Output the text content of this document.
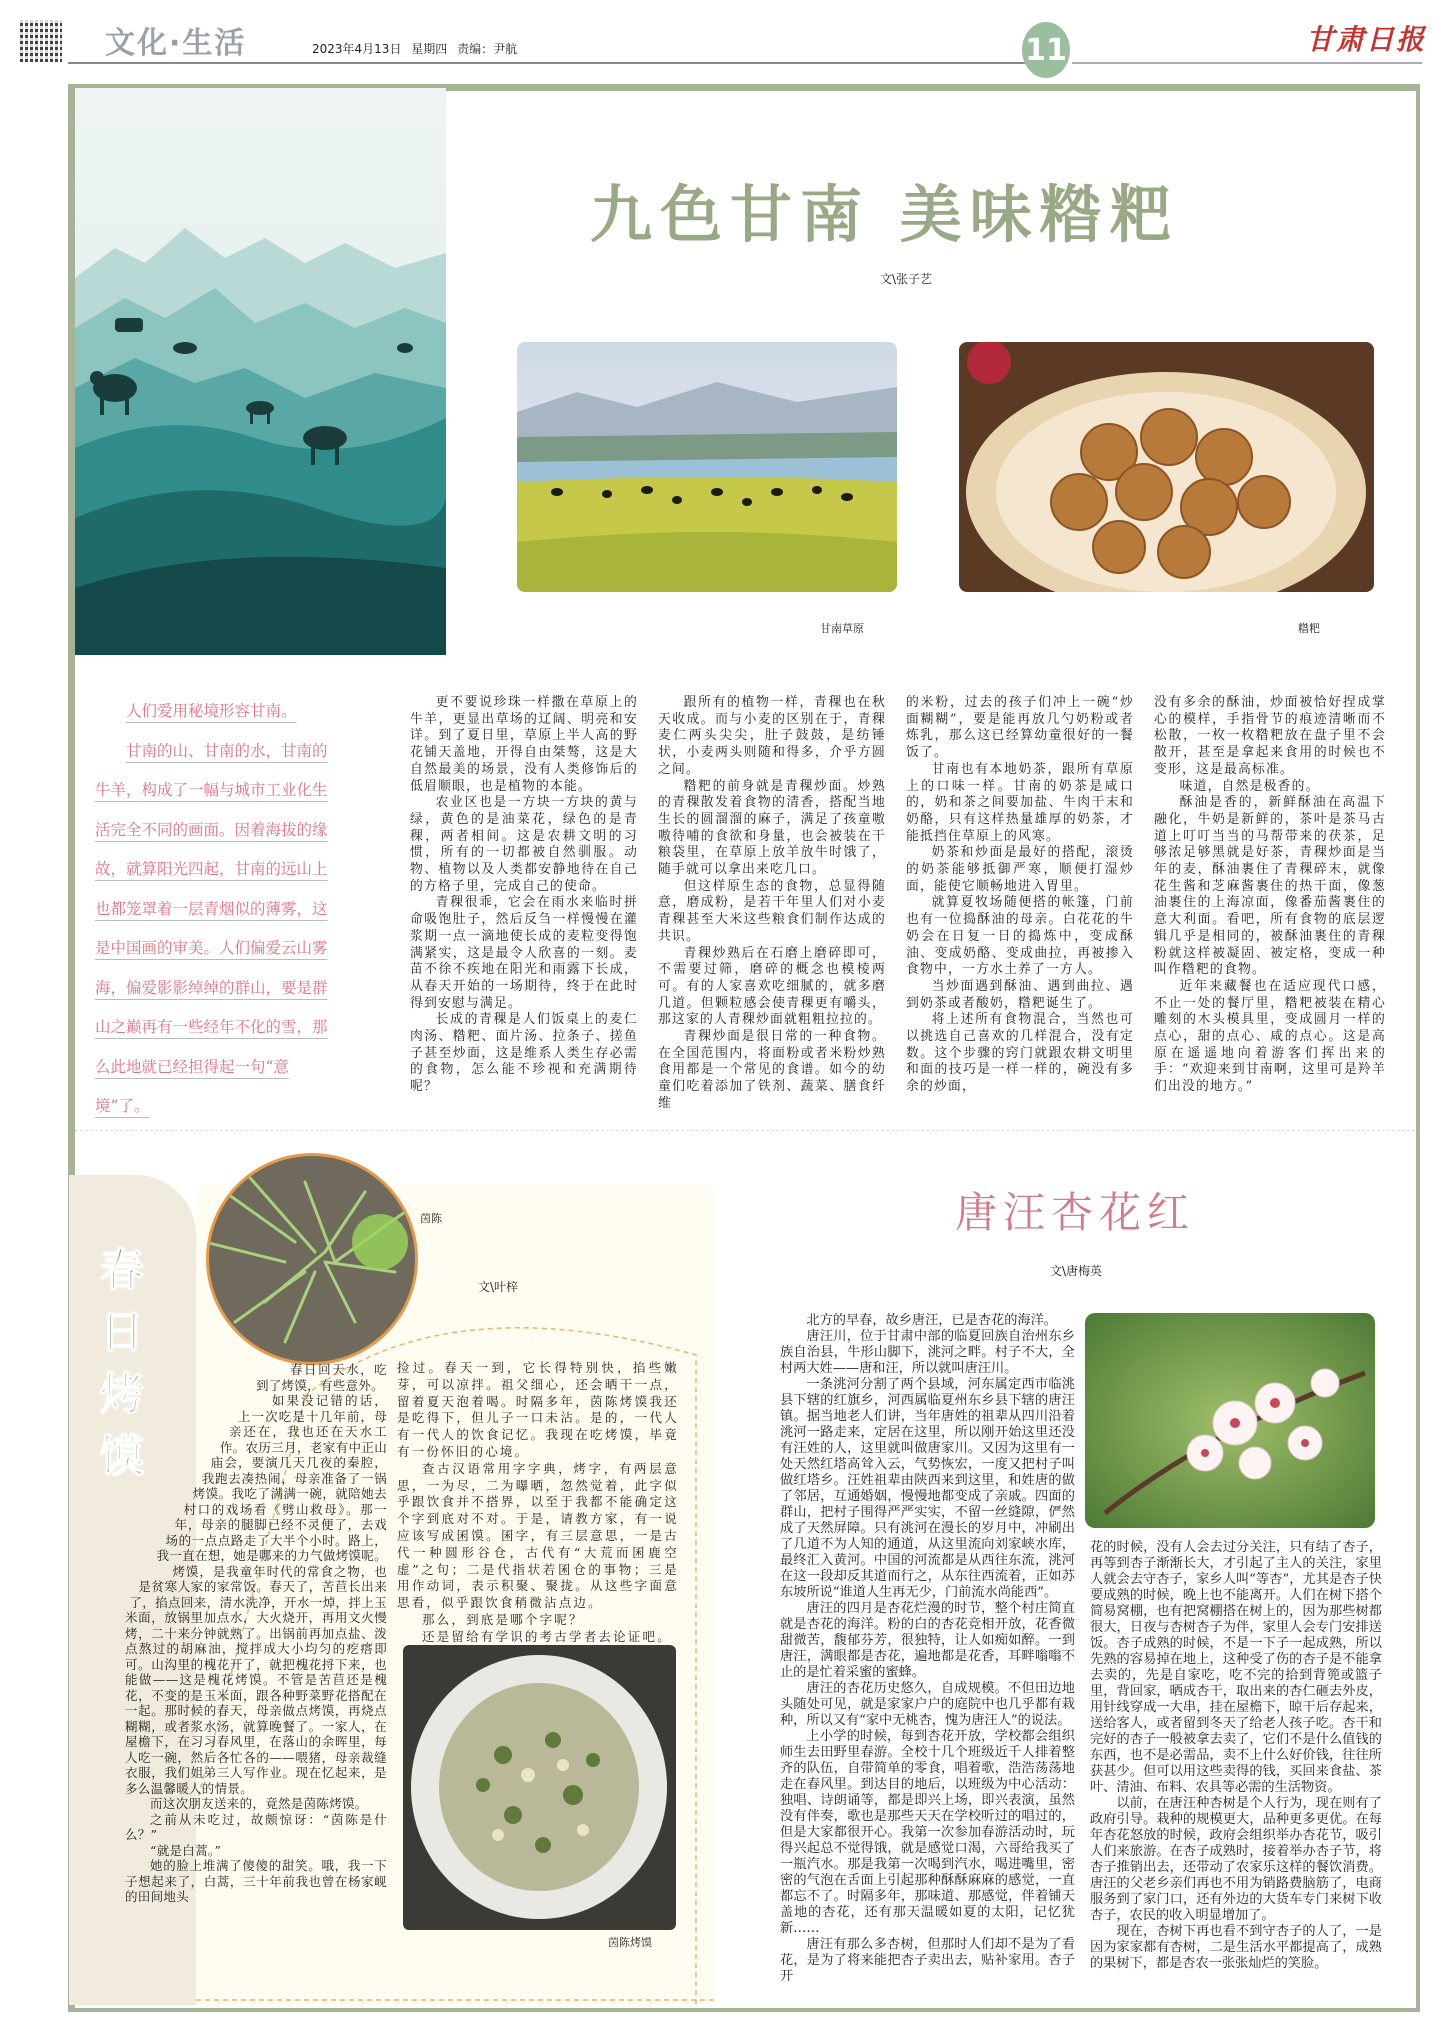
文化·生活	2023年4月13日 星期四 责编：尹航	11	甘肃日报
九色甘南 美味糌粑
文\张子艺
甘南草原	糌粑

人们爱用秘境形容甘南。

甘南的山、甘南的水，甘南的牛羊，构成了一幅与城市工业化生活完全不同的画面。因着海拔的缘故，就算阳光四起，甘南的远山上也都笼罩着一层青烟似的薄雾，这是中国画的审美。人们偏爱云山雾海，偏爱影影绰绰的群山，要是群山之巅再有一些经年不化的雪，那么此地就已经担得起一句“意境”了。

更不要说珍珠一样撒在草原上的牛羊，更显出草场的辽阔、明亮和安详。到了夏日里，草原上半人高的野花铺天盖地，开得自由桀骜，这是大自然最美的场景，没有人类修饰后的低眉顺眼，也是植物的本能。

农业区也是一方块一方块的黄与绿，黄色的是油菜花，绿色的是青稞，两者相间。这是农耕文明的习惯，所有的一切都被自然驯服。动物、植物以及人类都安静地待在自己的方格子里，完成自己的使命。

青稞很乖，它会在雨水来临时拼命吸饱肚子，然后反刍一样慢慢在灌浆期一点一滴地使长成的麦粒变得饱满紧实，这是最令人欣喜的一刻。麦苗不徐不疾地在阳光和雨露下长成，从春天开始的一场期待，终于在此时得到安慰与满足。

长成的青稞是人们饭桌上的麦仁肉汤、糌粑、面片汤、拉条子、搓鱼子甚至炒面，这是维系人类生存必需的食物，怎么能不珍视和充满期待呢？

跟所有的植物一样，青稞也在秋天收成。而与小麦的区别在于，青稞麦仁两头尖尖，肚子鼓鼓，是纺锤状，小麦两头则随和得多，介乎方圆之间。

糌粑的前身就是青稞炒面。炒熟的青稞散发着食物的清香，搭配当地生长的圆溜溜的麻子，满足了孩童嗷嗷待哺的食欲和身量，也会被装在干粮袋里，在草原上放羊放牛时饿了，随手就可以拿出来吃几口。

但这样原生态的食物，总显得随意，磨成粉，是若干年里人们对小麦青稞甚至大米这些粮食们制作达成的共识。

青稞炒熟后在石磨上磨碎即可，不需要过筛，磨碎的概念也模棱两可。有的人家喜欢吃细腻的，就多磨几道。但颗粒感会使青稞更有嚼头，那这家的人青稞炒面就粗粗拉拉的。

青稞炒面是很日常的一种食物。在全国范围内，将面粉或者米粉炒熟食用都是一个常见的食谱。如今的幼童们吃着添加了铁剂、蔬菜、膳食纤维

的米粉，过去的孩子们冲上一碗“炒面糊糊”，要是能再放几勺奶粉或者炼乳，那么这已经算幼童很好的一餐饭了。

甘南也有本地奶茶，跟所有草原上的口味一样。甘南的奶茶是咸口的，奶和茶之间要加盐、牛肉干末和奶酪，只有这样热量雄厚的奶茶，才能抵挡住草原上的风寒。

奶茶和炒面是最好的搭配，滚烫的奶茶能够抵御严寒，顺便打湿炒面，能使它顺畅地进入胃里。

就算夏牧场随便搭的帐篷，门前也有一位捣酥油的母亲。白花花的牛奶会在日复一日的捣炼中，变成酥油、变成奶酪、变成曲拉，再被掺入食物中，一方水土养了一方人。

当炒面遇到酥油、遇到曲拉、遇到奶茶或者酸奶，糌粑诞生了。

将上述所有食物混合，当然也可以挑选自己喜欢的几样混合，没有定数。这个步骤的窍门就跟农耕文明里和面的技巧是一样一样的，碗没有多余的炒面，

没有多余的酥油，炒面被恰好捏成掌心的模样，手指骨节的痕迹清晰而不松散，一枚一枚糌粑放在盘子里不会散开，甚至是拿起来食用的时候也不变形，这是最高标准。

味道，自然是极香的。

酥油是香的，新鲜酥油在高温下融化，牛奶是新鲜的，茶叶是茶马古道上叮叮当当的马帮带来的茯茶，足够浓足够黑就是好茶，青稞炒面是当年的麦，酥油裹住了青稞碎末，就像花生酱和芝麻酱裹住的热干面，像葱油裹住的上海凉面，像番茄酱裹住的意大利面。看吧，所有食物的底层逻辑几乎是相同的，被酥油裹住的青稞粉就这样被凝固、被定格，变成一种叫作糌粑的食物。

近年来藏餐也在适应现代口感，不止一处的餐厅里，糌粑被装在精心雕刻的木头模具里，变成圆月一样的点心，甜的点心、咸的点心。这是高原在遥遥地向着游客们挥出来的手：“欢迎来到甘南啊，这里可是羚羊们出没的地方。”

春日烤馍
茵陈
文\叶梓

春日回天水，吃到了烤馍，有些意外。

如果没记错的话，上一次吃是十几年前，母亲还在，我也还在天水工作。农历三月，老家有中正山庙会，要演几天几夜的秦腔，我跑去凑热闹，母亲准备了一锅烤馍。我吃了满满一碗，就陪她去村口的戏场看《劈山救母》。那一年，母亲的腿脚已经不灵便了，去戏场的一点点路走了大半个小时。路上，我一直在想，她是哪来的力气做烤馍呢。

烤馍，是我童年时代的常食之物，也是贫寒人家的家常饭。春天了，苦苣长出来了，掐点回来，清水洗净，开水一焯，拌上玉米面，放锅里加点水，大火烧开，再用文火慢烤，二十来分钟就熟了。出锅前再加点盐、泼点熬过的胡麻油，搅拌成大小均匀的疙瘩即可。山沟里的槐花开了，就把槐花捋下来，也能做——这是槐花烤馍。不管是苦苣还是槐花，不变的是玉米面，跟各种野菜野花搭配在一起。那时候的春天，母亲做点烤馍，再烧点糊糊，或者浆水汤，就算晚餐了。一家人，在屋檐下，在习习春风里，在落山的余晖里，每人吃一碗，然后各忙各的——喂猪，母亲裁缝衣服，我们姐弟三人写作业。现在忆起来，是多么温馨暖人的情景。

而这次朋友送来的，竟然是茵陈烤馍。

之前从未吃过，故颇惊讶：“茵陈是什么？”

“就是白蒿。”

她的脸上堆满了傻傻的甜笑。哦，我一下子想起来了，白蒿，三十年前我也曾在杨家岘的田间地头

捡过。春天一到，它长得特别快，掐些嫩芽，可以凉拌。祖父细心，还会晒干一点，留着夏天泡着喝。时隔多年，茵陈烤馍我还是吃得下，但儿子一口未沾。是的，一代人有一代人的饮食记忆。我现在吃烤馍，毕竟有一份怀旧的心境。

查古汉语常用字字典，烤字，有两层意思，一为尽，二为曝晒，忽然觉着，此字似乎跟饮食并不搭界，以至于我都不能确定这个字到底对不对。于是，请教方家，有一说应该写成囷馍。囷字，有三层意思，一是古代一种圆形谷仓，古代有“大荒而囷鹿空虚”之句；二是代指状若囷仓的事物；三是用作动词，表示积聚、聚拢。从这些字面意思看，似乎跟饮食稍微沾点边。

那么，到底是哪个字呢？

还是留给有学识的考古学者去论证吧。

茵陈烤馍
唐汪杏花红
文\唐梅英

北方的早春，故乡唐汪，已是杏花的海洋。

唐汪川，位于甘肃中部的临夏回族自治州东乡族自治县，牛形山脚下，洮河之畔。村子不大，全村两大姓——唐和汪，所以就叫唐汪川。

一条洮河分割了两个县域，河东属定西市临洮县下辖的红旗乡，河西属临夏州东乡县下辖的唐汪镇。据当地老人们讲，当年唐姓的祖辈从四川沿着洮河一路走来，定居在这里，所以刚开始这里还没有汪姓的人，这里就叫做唐家川。又因为这里有一处天然红塔高耸入云，气势恢宏，一度又把村子叫做红塔乡。汪姓祖辈由陕西来到这里，和姓唐的做了邻居，互通婚姻，慢慢地都变成了亲戚。四面的群山，把村子围得严严实实，不留一丝缝隙，俨然成了天然屏障。只有洮河在漫长的岁月中，冲刷出了几道不为人知的通道，从这里流向刘家峡水库，最终汇入黄河。中国的河流都是从西往东流，洮河在这一段却反其道而行之，从东往西流着，正如苏东坡所说“谁道人生再无少，门前流水尚能西”。

唐汪的四月是杏花烂漫的时节，整个村庄简直就是杏花的海洋。粉的白的杏花竞相开放，花香微甜微苦，馥郁芬芳，很独特，让人如痴如醉。一到唐汪，满眼都是杏花，遍地都是花香，耳畔嗡嗡不止的是忙着采蜜的蜜蜂。

唐汪的杏花历史悠久，自成规模。不但田边地头随处可见，就是家家户户的庭院中也几乎都有栽种，所以又有“家中无桃杏，愧为唐汪人”的说法。

上小学的时候，每到杏花开放，学校都会组织师生去田野里春游。全校十几个班级近千人排着整齐的队伍，自带简单的零食，唱着歌，浩浩荡荡地走在春风里。到达目的地后，以班级为中心活动：独唱、诗朗诵等，都是即兴上场，即兴表演，虽然没有伴奏，歌也是那些天天在学校听过的唱过的，但是大家都很开心。我第一次参加春游活动时，玩得兴起总不觉得饿，就是感觉口渴，六哥给我买了一瓶汽水。那是我第一次喝到汽水，喝进嘴里，密密的气泡在舌面上引起那种酥酥麻麻的感觉，一直都忘不了。时隔多年，那味道、那感觉，伴着铺天盖地的杏花，还有那天温暖如夏的太阳，记忆犹新……

唐汪有那么多杏树，但那时人们却不是为了看花，是为了将来能把杏子卖出去，贴补家用。杏子开

花的时候，没有人会去过分关注，只有结了杏子，再等到杏子渐渐长大，才引起了主人的关注，家里人就会去守杏子，家乡人叫“等杏”，尤其是杏子快要成熟的时候，晚上也不能离开。人们在树下搭个简易窝棚，也有把窝棚搭在树上的，因为那些树都很大，日夜与杏树杏子为伴，家里人会专门安排送饭。杏子成熟的时候，不是一下子一起成熟，所以先熟的容易掉在地上，这种受了伤的杏子是不能拿去卖的，先是自家吃，吃不完的拾到背篼或篮子里，背回家，晒成杏干，取出来的杏仁砸去外皮，用针线穿成一大串，挂在屋檐下，晾干后存起来，送给客人，或者留到冬天了给老人孩子吃。杏干和完好的杏子一般被拿去卖了，它们不是什么值钱的东西，也不是必需品，卖不上什么好价钱，往往所获甚少。但可以用这些卖得的钱，买回来食盐、茶叶、清油、布料、农具等必需的生活物资。

以前，在唐汪种杏树是个人行为，现在则有了政府引导。栽种的规模更大，品种更多更优。在每年杏花怒放的时候，政府会组织举办杏花节，吸引人们来旅游。在杏子成熟时，接着举办杏子节，将杏子推销出去，还带动了农家乐这样的餐饮消费。唐汪的父老乡亲们再也不用为销路费脑筋了，电商服务到了家门口，还有外边的大货车专门来树下收杏子，农民的收入明显增加了。

现在，杏树下再也看不到守杏子的人了，一是因为家家都有杏树，二是生活水平都提高了，成熟的果树下，都是杏农一张张灿烂的笑脸。
